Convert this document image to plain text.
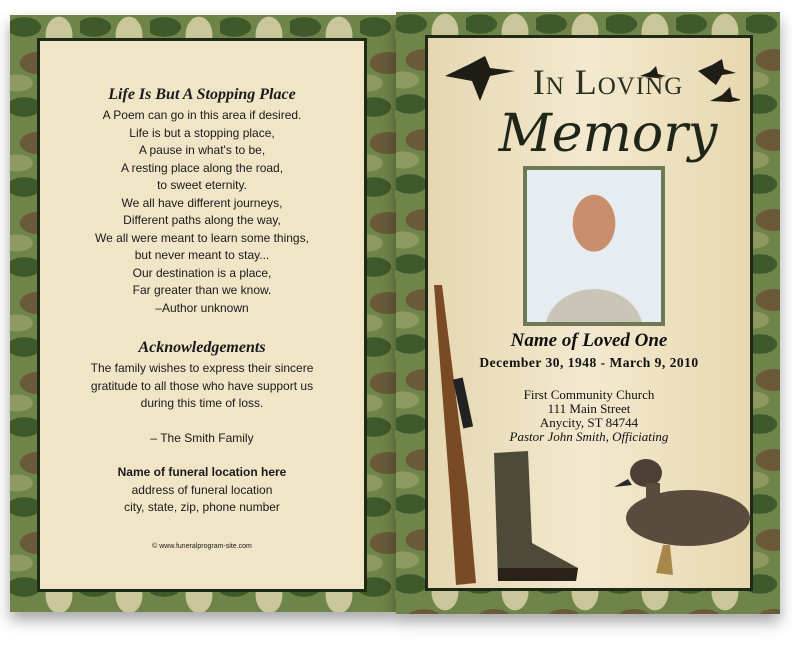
Life Is But A Stopping Place
A Poem can go in this area if desired.
Life is but a stopping place,
A pause in what's to be,
A resting place along the road,
to sweet eternity.
We all have different journeys,
Different paths along the way,
We all were meant to learn some things,
but never meant to stay...
Our destination is a place,
Far greater than we know.
–Author unknown
Acknowledgements
The family wishes to express their sincere
gratitude to all those who have support us
during this time of loss.
– The Smith Family
Name of funeral location here
address of funeral location
city, state, zip, phone number
© www.funeralprogram-site.com
In Loving
Memory
Name of Loved One
December 30, 1948 - March 9, 2010
First Community Church
111 Main Street
Anycity, ST 84744
Pastor John Smith, Officiating
